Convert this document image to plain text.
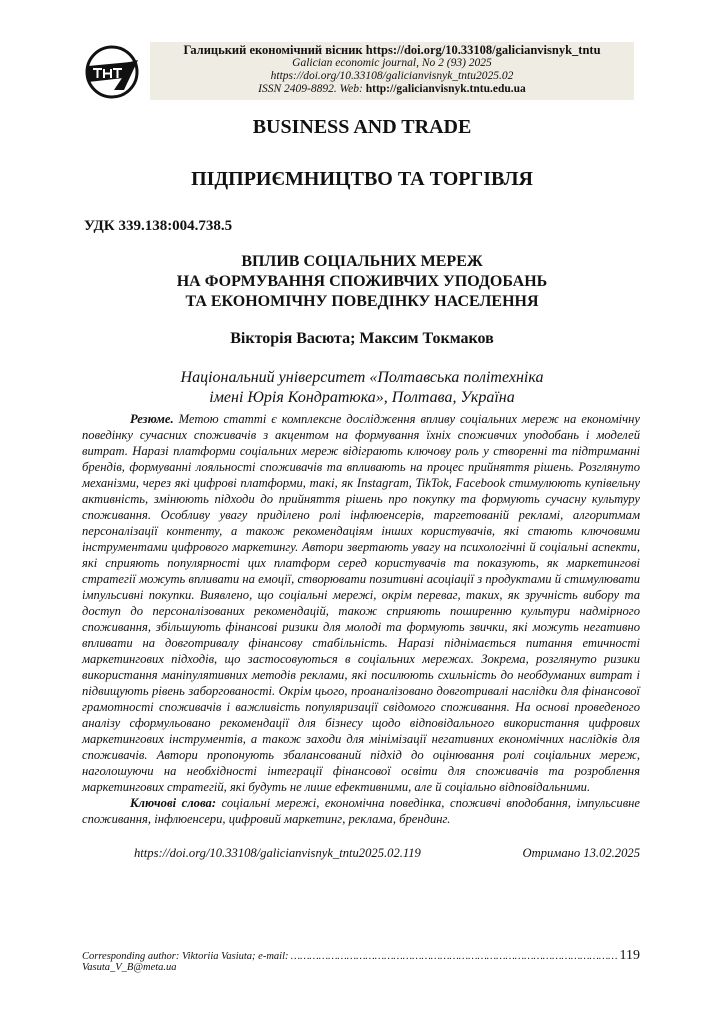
Галицький економічний вісник https://doi.org/10.33108/galicianvisnyk_tntu
Galician economic journal, No 2 (93) 2025
https://doi.org/10.33108/galicianvisnyk_tntu2025.02
ISSN 2409-8892. Web: http://galicianvisnyk.tntu.edu.ua
BUSINESS AND TRADE
ПІДПРИЄМНИЦТВО ТА ТОРГІВЛЯ
УДК 339.138:004.738.5
ВПЛИВ СОЦІАЛЬНИХ МЕРЕЖ
НА ФОРМУВАННЯ СПОЖИВЧИХ УПОДОБАНЬ
ТА ЕКОНОМІЧНУ ПОВЕДІНКУ НАСЕЛЕННЯ
Вікторія Васюта; Максим Токмаков
Національний університет «Полтавська політехніка
імені Юрія Кондратюка», Полтава, Україна

Резюме. Метою статті є комплексне дослідження впливу соціальних мереж на економічну поведінку сучасних споживачів з акцентом на формування їхніх споживчих уподобань і моделей витрат. Наразі платформи соціальних мереж відіграють ключову роль у створенні та підтриманні брендів, формуванні лояльності споживачів та впливають на процес прийняття рішень. Розглянуто механізми, через які цифрові платформи, такі, як Instagram, TikTok, Facebook стимулюють купівельну активність, змінюють підходи до прийняття рішень про покупку та формують сучасну культуру споживання. Особливу увагу приділено ролі інфлюенсерів, таргетованій рекламі, алгоритмам персоналізації контенту, а також рекомендаціям інших користувачів, які стають ключовими інструментами цифрового маркетингу. Автори звертають увагу на психологічні й соціальні аспекти, які сприяють популярності цих платформ серед користувачів та показують, як маркетингові стратегії можуть впливати на емоції, створювати позитивні асоціації з продуктами й стимулювати імпульсивні покупки. Виявлено, що соціальні мережі, окрім переваг, таких, як зручність вибору та доступ до персоналізованих рекомендацій, також сприяють поширенню культури надмірного споживання, збільшують фінансові ризики для молоді та формують звички, які можуть негативно впливати на довготривалу фінансову стабільність. Наразі піднімається питання етичності маркетингових підходів, що застосовуються в соціальних мережах. Зокрема, розглянуто ризики використання маніпулятивних методів реклами, які посилюють схильність до необдуманих витрат і підвищують рівень заборгованості. Окрім цього, проаналізовано довготривалі наслідки для фінансової грамотності споживачів і важливість популяризації свідомого споживання. На основі проведеного аналізу сформульовано рекомендації для бізнесу щодо відповідального використання цифрових маркетингових інструментів, а також заходи для мінімізації негативних економічних наслідків для споживачів. Автори пропонують збалансований підхід до оцінювання ролі соціальних мереж, наголошуючи на необхідності інтеграції фінансової освіти для споживачів та розроблення маркетингових стратегій, які будуть не лише ефективними, але й соціально відповідальними.

Ключові слова: соціальні мережі, економічна поведінка, споживчі вподобання, імпульсивне споживання, інфлюенсери, цифровий маркетинг, реклама, брендинг.

https://doi.org/10.33108/galicianvisnyk_tntu2025.02.119	Отримано 13.02.2025
Corresponding author: Viktoriia Vasiuta; e-mail: Vasuta_V_B@meta.ua
…………………………………………………………………………………………… 119
